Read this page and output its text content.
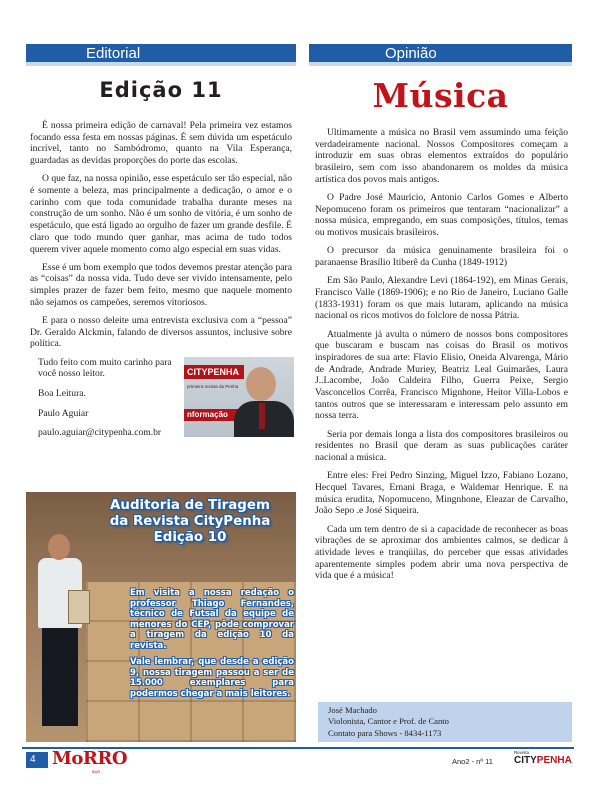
Editorial
Edição 11

É nossa primeira edição de carnaval! Pela primeira vez estamos focando essa festa em nossas páginas. É sem dúvida um espetáculo incrível, tanto no Sambódromo, quanto na Vila Esperança, guardadas as devidas proporções do porte das escolas.

O que faz, na nossa opinião, esse espetáculo ser tão especial, não é somente a beleza, mas principalmente a dedicação, o amor e o carinho com que toda comunidade trabalha durante meses na construção de um sonho. Não é um sonho de vitória, é um sonho de espetáculo, que está ligado ao orgulho de fazer um grande desfile. É claro que todo mundo quer ganhar, mas acima de tudo todos querem viver aquele momento como algo especial em suas vidas.

Esse é um bom exemplo que todos devemos prestar atenção para as “coisas” da nossa vida. Tudo deve ser vivido intensamente, pelo simples prazer de fazer bem feito, mesmo que naquele momento não sejamos os campeões, seremos vitoriosos.

E para o nosso deleite uma entrevista exclusiva com a “pessoa” Dr. Geraldo Alckmin, falando de diversos assuntos, inclusive sobre política.

Tudo feito com muito carinho para você nosso leitor.
Boa Leitura.
Paulo Aguiar
paulo.aguiar@citypenha.com.br
CITYPENHA
primeira revista da Penha
nformação
Auditoria de Tiragem
da Revista CityPenha
Edição 10

Em visita a nossa redação o professor Thiago Fernandes, técnico de Futsal da equipe de menores do CEP, pôde comprovar a tiragem da edição 10 da revista.

Vale lembrar, que desde a edição 9, nossa tiragem passou a ser de 15.000 exemplares para podermos chegar a mais leitores.

Opinião
Música

Ultimamente a música no Brasil vem assumindo uma feição verdadeiramente nacional. Nossos Compositores começam a introduzir em suas obras elementos extraídos do populário brasileiro, sem com isso abandonarem os moldes da música artística dos povos mais antigos.

O Padre José Maurício, Antonio Carlos Gomes e Alberto Nepomuceno foram os primeiros que tentaram “nacionalizar” a nossa música, empregando, em suas composições, títulos, temas ou motivos musicais brasileiros.

O precursor da música genuinamente brasileira foi o paranaense Brasílio Itiberê da Cunha (1849-1912)

Em São Paulo, Alexandre Levi (1864-192), em Minas Gerais, Francisco Valle (1869-1906); e no Rio de Janeiro, Luciano Galle (1833-1931) foram os que mais lutaram, aplicando na música nacional os ricos motivos do folclore de nossa Pátria.

Atualmente já avulta o número de nossos bons compositores que buscaram e buscam nas coisas do Brasil os motivos inspiradores de sua arte: Flavio Elisio, Oneida Alvarenga, Mário de Andrade, Andrade Muriey, Beatriz Leal Guimarães, Laura J..Lacombe, João Caldeira Filho, Guerra Peixe, Sergio Vasconcellos Corrêa, Francisco Mignhone, Heitor Villa-Lobos e tantos outros que se interessaram e interessam pelo assunto em nossa terra.

Seria por demais longa a lista dos compositores brasileiros ou residentes no Brasil que deram as suas publicações caráter nacional a música.

Entre eles: Frei Pedro Sinzing, Miguel Izzo, Fabiano Lozano, Hecquel Tavares, Ernani Braga, e Waldemar Henrique. E na música erudita, Nopomuceno, Mingnhone, Eleazar de Carvalho, João Sepo .e José Siqueira.

Cada um tem dentro de si a capacidade de reconhecer as boas vibrações de se aproximar dos ambientes calmos, se dedicar à atividade leves e tranqüilas, do perceber que essas atividades aparentemente simples podem abrir uma nova perspectiva de vida que é a música!

José Machado
Violonista, Cantor e Prof. de Canto
Contato para Shows - 8434-1173
4 MoRRO
BAR
Ano2 - nº 11
Revista
CITYPENHA
